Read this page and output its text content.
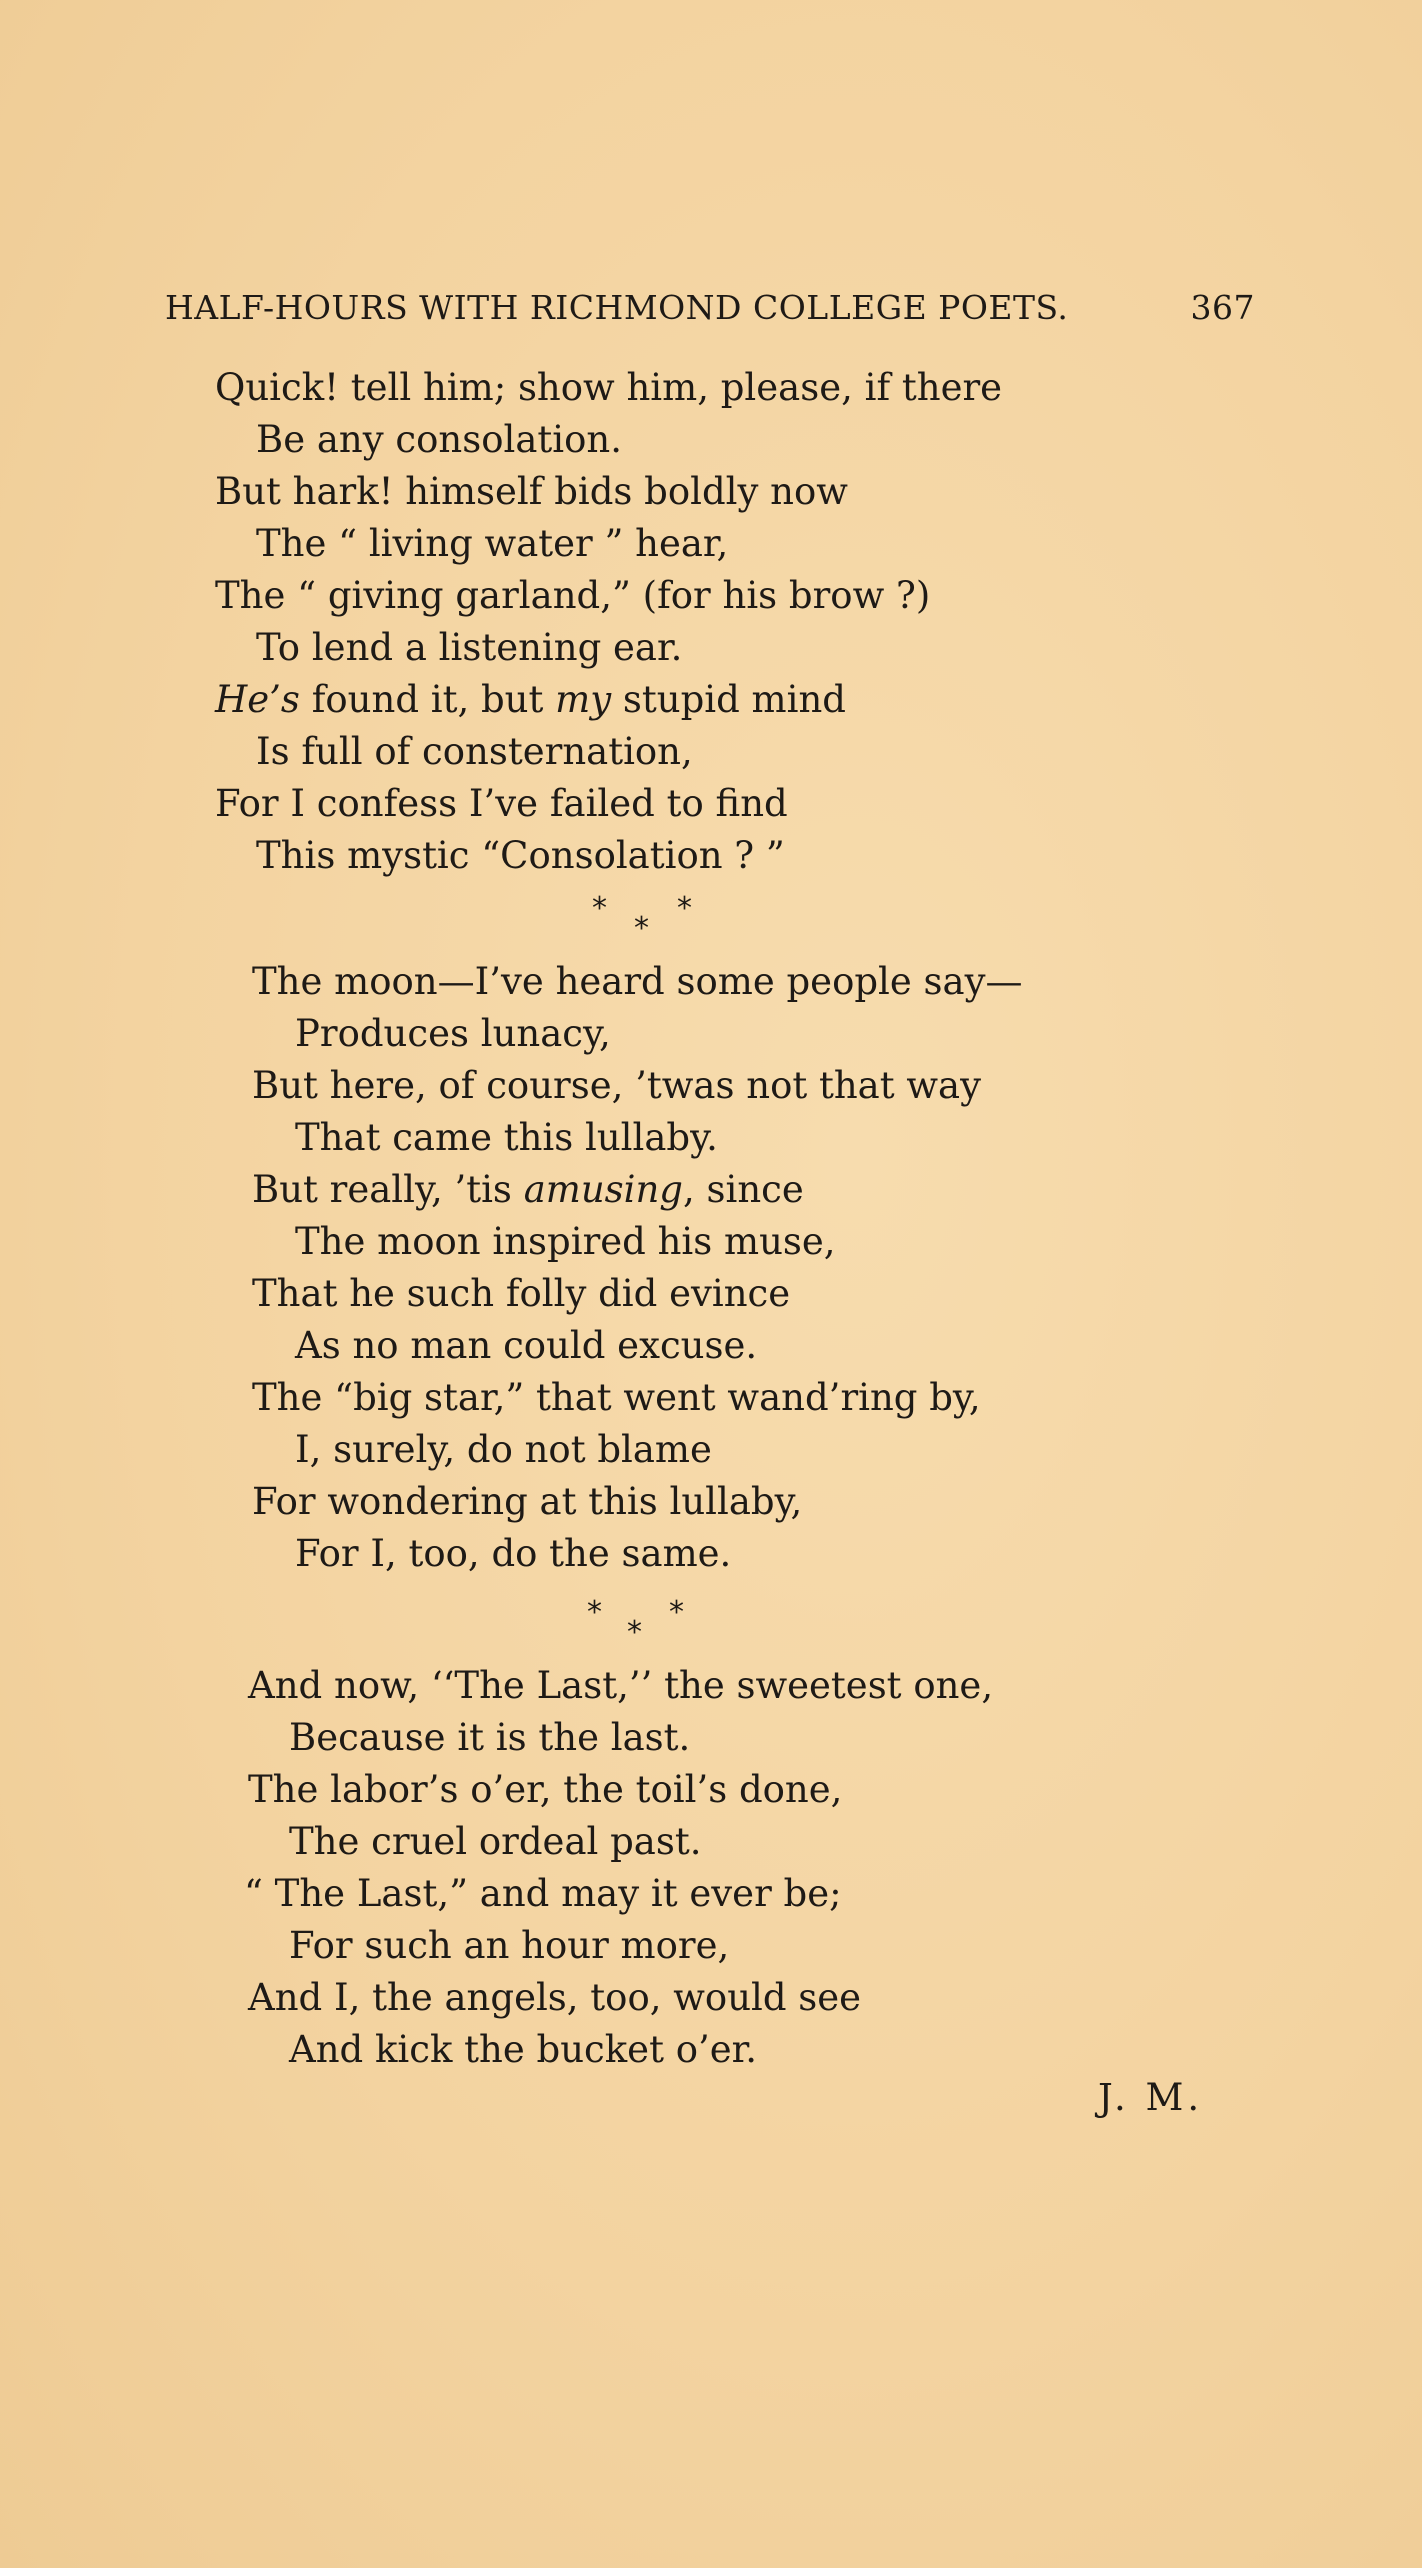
HALF-HOURS WITH RICHMOND COLLEGE POETS.	367
Quick! tell him; show him, please, if there
Be any consolation.
But hark! himself bids boldly now
The “ living water ” hear,
The “ giving garland,” (for his brow ?)
To lend a listening ear.
He’s found it, but my stupid mind
Is full of consternation,
For I confess I’ve failed to find
This mystic “Consolation ? ”
* *
*
The moon—I’ve heard some people say—
Produces lunacy,
But here, of course, ’twas not that way
That came this lullaby.
But really, ’tis amusing, since
The moon inspired his muse,
That he such folly did evince
As no man could excuse.
The “big star,” that went wand’ring by,
I, surely, do not blame
For wondering at this lullaby,
For I, too, do the same.
* *
*
And now, ‘‘The Last,’’ the sweetest one,
Because it is the last.
The labor’s o’er, the toil’s done,
The cruel ordeal past.
“ The Last,” and may it ever be;
For such an hour more,
And I, the angels, too, would see
And kick the bucket o’er.
J. M.
